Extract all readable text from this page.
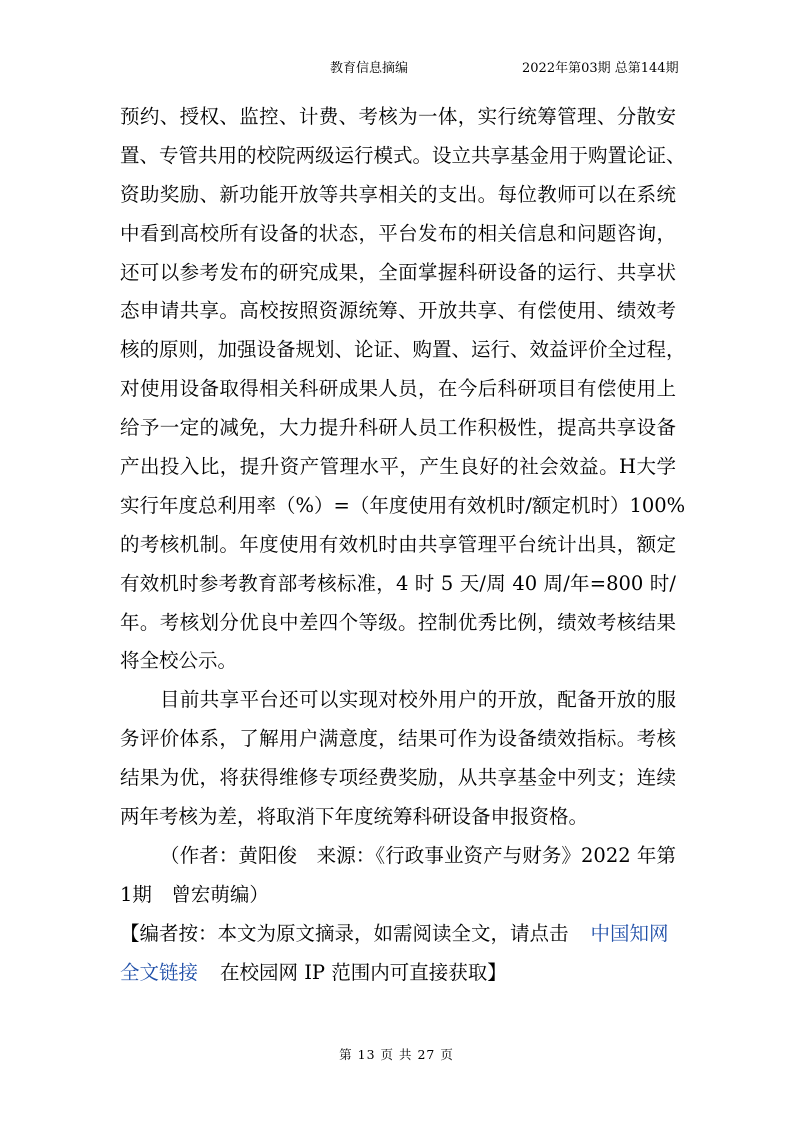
教育信息摘编	2022年第03期 总第144期
预约、授权、监控、计费、考核为一体，实行统筹管理、分散安
置、专管共用的校院两级运行模式。设立共享基金用于购置论证、
资助奖励、新功能开放等共享相关的支出。每位教师可以在系统
中看到高校所有设备的状态，平台发布的相关信息和问题咨询，
还可以参考发布的研究成果，全面掌握科研设备的运行、共享状
态申请共享。高校按照资源统筹、开放共享、有偿使用、绩效考
核的原则，加强设备规划、论证、购置、运行、效益评价全过程，
对使用设备取得相关科研成果人员，在今后科研项目有偿使用上
给予一定的减免，大力提升科研人员工作积极性，提高共享设备
产出投入比，提升资产管理水平，产生良好的社会效益。H大学
实行年度总利用率（%）=（年度使用有效机时/额定机时）100%
的考核机制。年度使用有效机时由共享管理平台统计出具，额定
有效机时参考教育部考核标准，4 时 5 天/周 40 周/年=800 时/
年。考核划分优良中差四个等级。控制优秀比例，绩效考核结果
将全校公示。
目前共享平台还可以实现对校外用户的开放，配备开放的服
务评价体系，了解用户满意度，结果可作为设备绩效指标。考核
结果为优，将获得维修专项经费奖励，从共享基金中列支；连续
两年考核为差，将取消下年度统筹科研设备申报资格。
（作者：黄阳俊　来源：《行政事业资产与财务》2022 年第
1期　曾宏萌编）
【编者按：本文为原文摘录，如需阅读全文，请点击 中国知网
全文链接 在校园网 IP 范围内可直接获取】
第 13 页 共 27 页
